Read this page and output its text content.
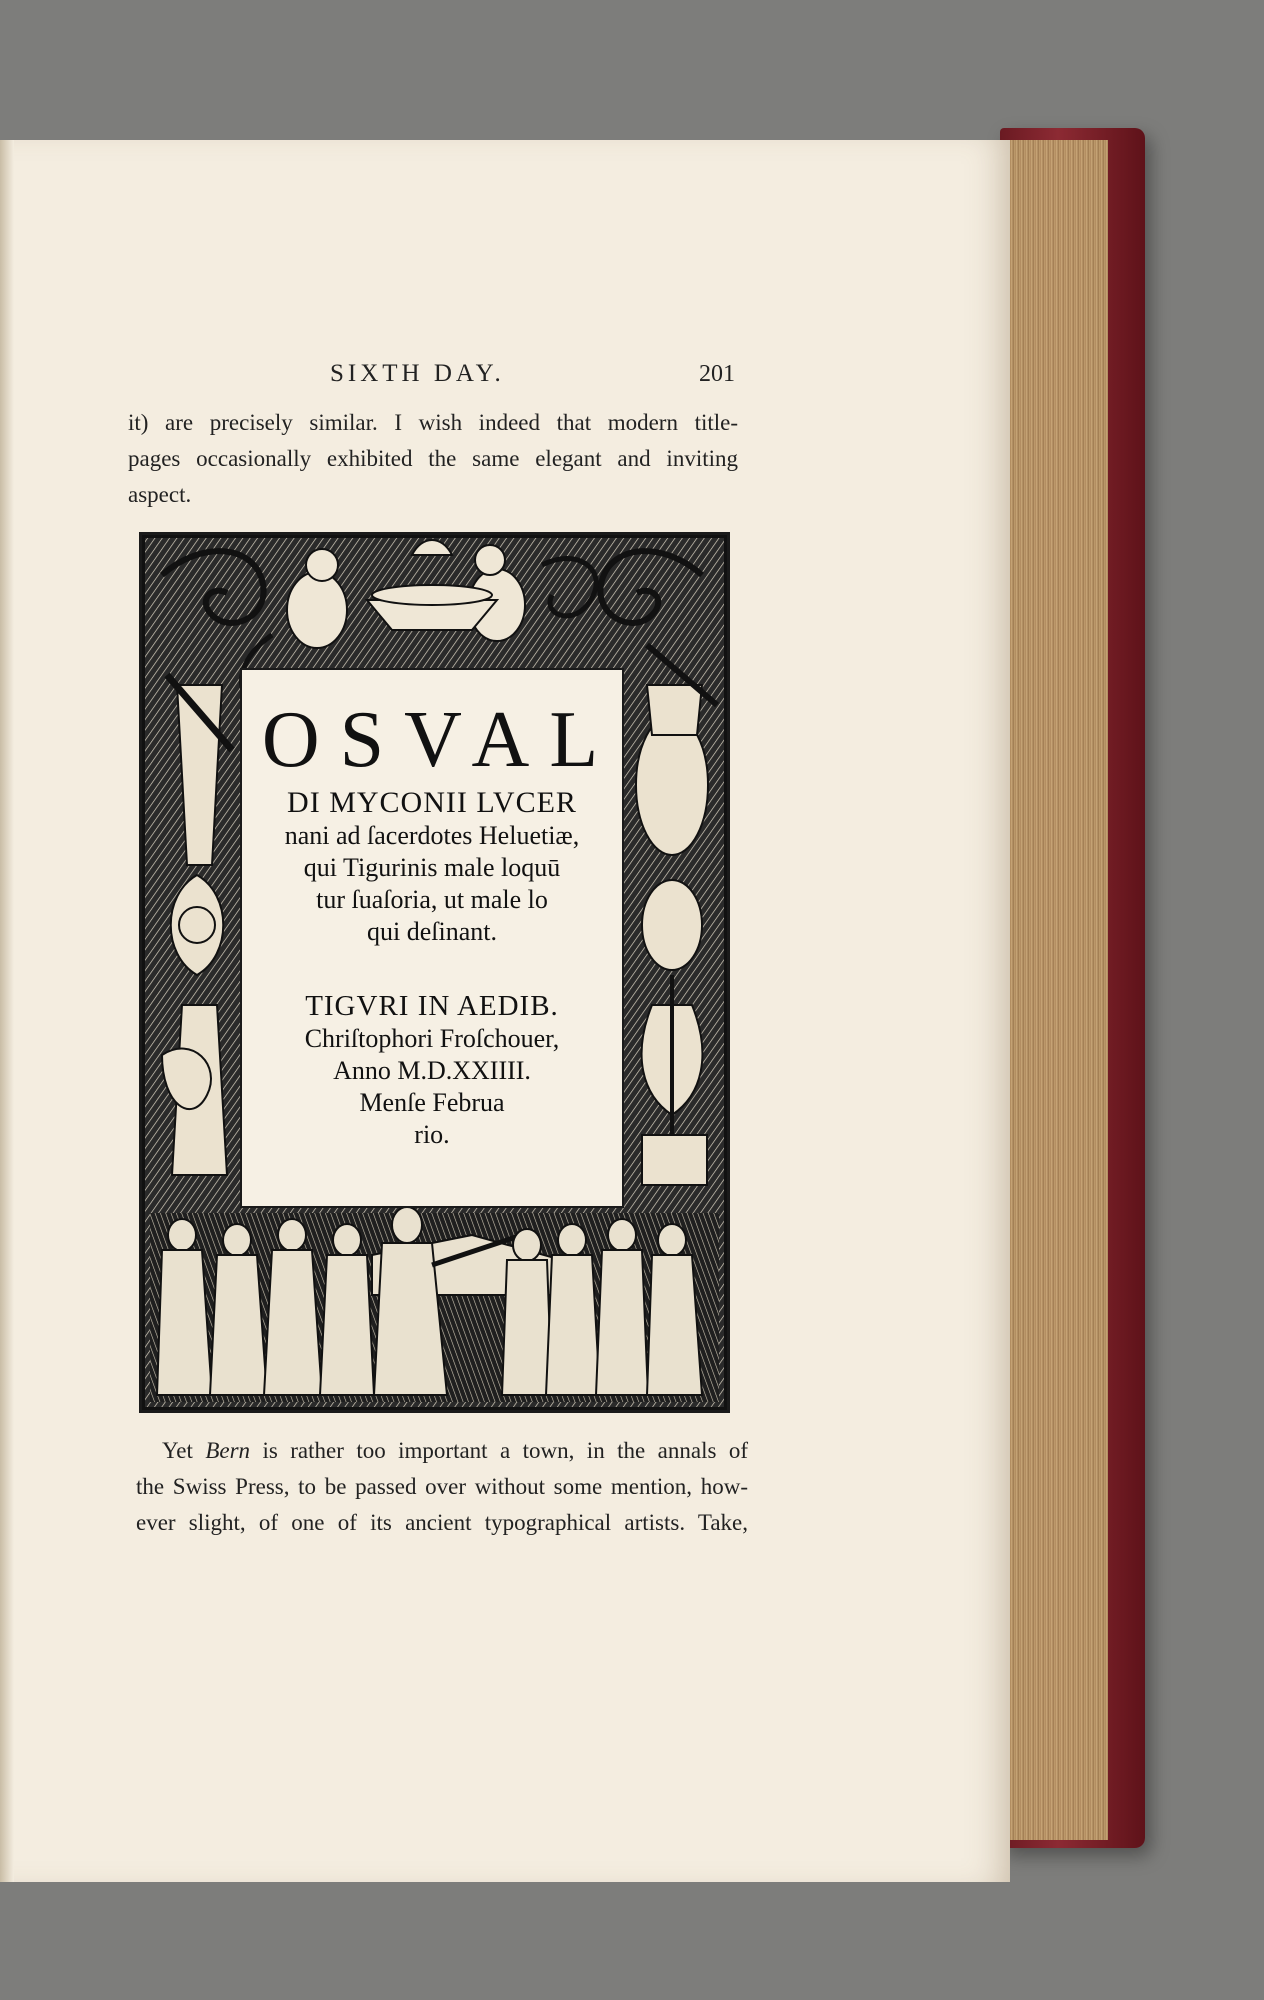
SIXTH DAY.	201

it) are precisely similar. I wish indeed that modern title-
pages occasionally exhibited the same elegant and inviting
aspect.

OSVAL
DI MYCONII LVCER
nani ad ſacerdotes Heluetiæ,
qui Tigurinis male loquū
tur ſuaſoria, ut male lo
qui deſinant.
TIGVRI IN AEDIB.
Chriſtophori Froſchouer,
Anno M.D.XXIIII.
Menſe Februa
rio.

Yet Bern is rather too important a town, in the annals of
the Swiss Press, to be passed over without some mention, how-
ever slight, of one of its ancient typographical artists. Take,
